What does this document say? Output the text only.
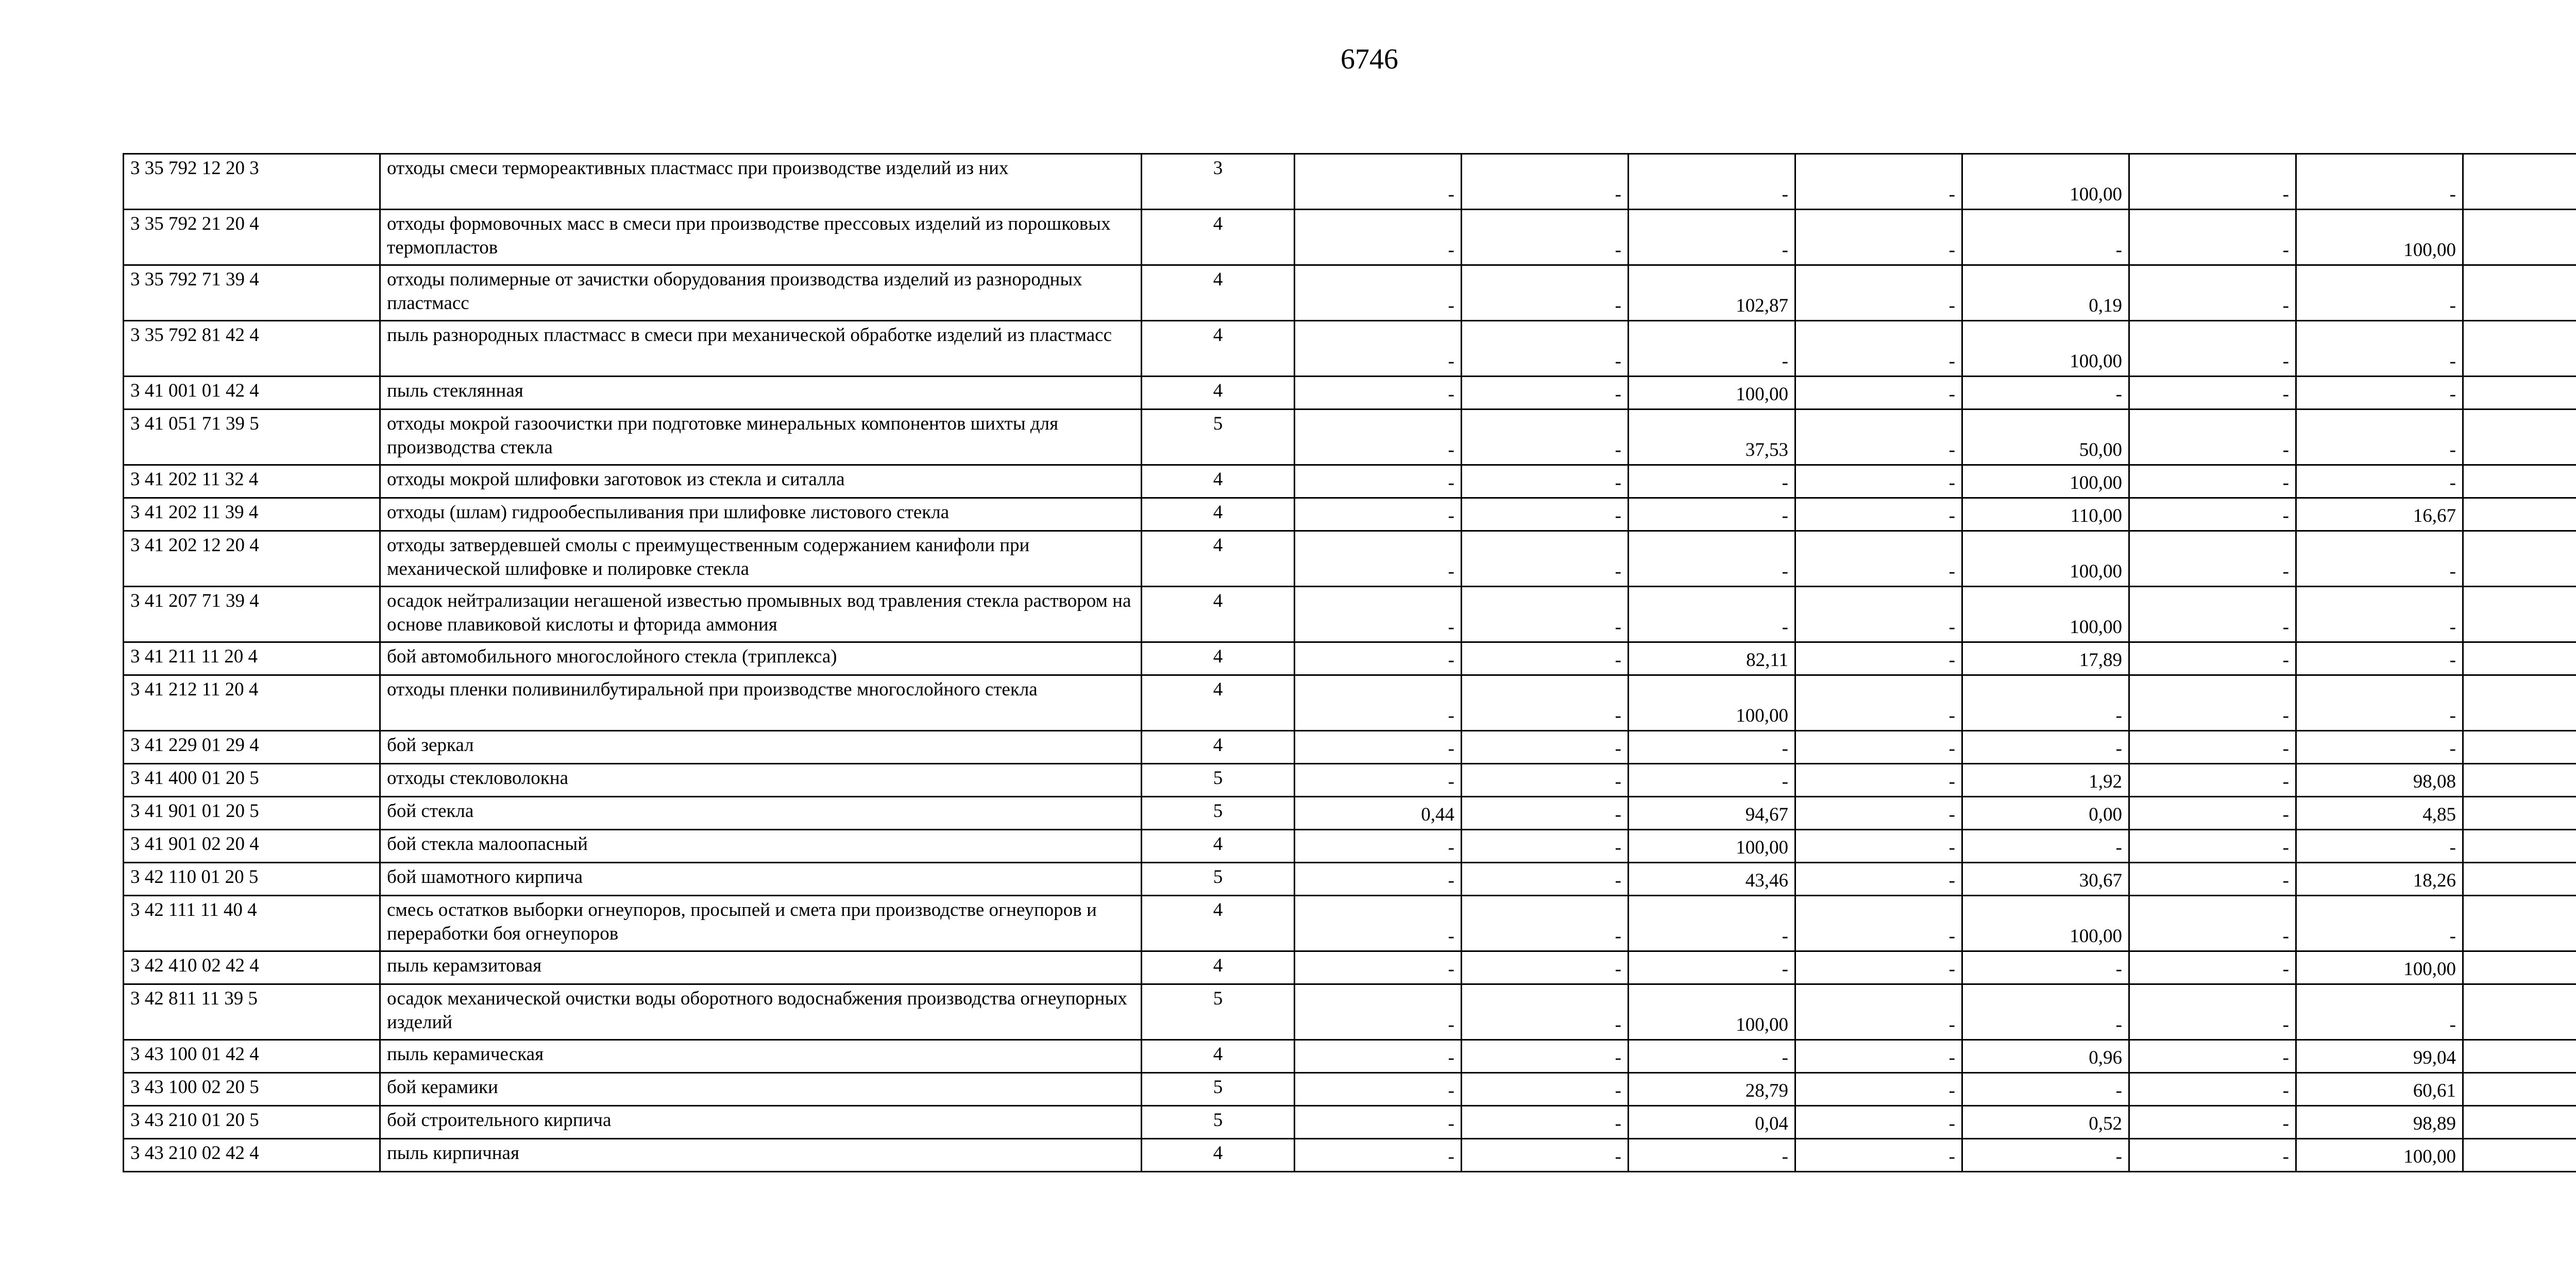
6746
3 35 792 12 20 3	отходы смеси термореактивных пластмасс при производстве изделий из них	3	-	-	-	-	100,00	-	-	
3 35 792 21 20 4	отходы формовочных масс в смеси при производстве прессовых изделий из порошковых термопластов	4	-	-	-	-	-	-	100,00	
3 35 792 71 39 4	отходы полимерные от зачистки оборудования производства изделий из разнородных пластмасс	4	-	-	102,87	-	0,19	-	-	
3 35 792 81 42 4	пыль разнородных пластмасс в смеси при механической обработке изделий из пластмасс	4	-	-	-	-	100,00	-	-	
3 41 001 01 42 4	пыль стеклянная	4	-	-	100,00	-	-	-	-	
3 41 051 71 39 5	отходы мокрой газоочистки при подготовке минеральных компонентов шихты для производства стекла	5	-	-	37,53	-	50,00	-	-	
3 41 202 11 32 4	отходы мокрой шлифовки заготовок из стекла и ситалла	4	-	-	-	-	100,00	-	-	
3 41 202 11 39 4	отходы (шлам) гидрообеспыливания при шлифовке листового стекла	4	-	-	-	-	110,00	-	16,67	
3 41 202 12 20 4	отходы затвердевшей смолы с преимущественным содержанием канифоли при механической шлифовке и полировке стекла	4	-	-	-	-	100,00	-	-	
3 41 207 71 39 4	осадок нейтрализации негашеной известью промывных вод травления стекла раствором на основе плавиковой кислоты и фторида аммония	4	-	-	-	-	100,00	-	-	
3 41 211 11 20 4	бой автомобильного многослойного стекла (триплекса)	4	-	-	82,11	-	17,89	-	-	
3 41 212 11 20 4	отходы пленки поливинилбутиральной при производстве многослойного стекла	4	-	-	100,00	-	-	-	-	
3 41 229 01 29 4	бой зеркал	4	-	-	-	-	-	-	-	
3 41 400 01 20 5	отходы стекловолокна	5	-	-	-	-	1,92	-	98,08	
3 41 901 01 20 5	бой стекла	5	0,44	-	94,67	-	0,00	-	4,85	
3 41 901 02 20 4	бой стекла малоопасный	4	-	-	100,00	-	-	-	-	
3 42 110 01 20 5	бой шамотного кирпича	5	-	-	43,46	-	30,67	-	18,26	
3 42 111 11 40 4	смесь остатков выборки огнеупоров, просыпей и смета при производстве огнеупоров и переработки боя огнеупоров	4	-	-	-	-	100,00	-	-	
3 42 410 02 42 4	пыль керамзитовая	4	-	-	-	-	-	-	100,00	
3 42 811 11 39 5	осадок механической очистки воды оборотного водоснабжения производства огнеупорных изделий	5	-	-	100,00	-	-	-	-	
3 43 100 01 42 4	пыль керамическая	4	-	-	-	-	0,96	-	99,04	
3 43 100 02 20 5	бой керамики	5	-	-	28,79	-	-	-	60,61	
3 43 210 01 20 5	бой строительного кирпича	5	-	-	0,04	-	0,52	-	98,89	
3 43 210 02 42 4	пыль кирпичная	4	-	-	-	-	-	-	100,00	
